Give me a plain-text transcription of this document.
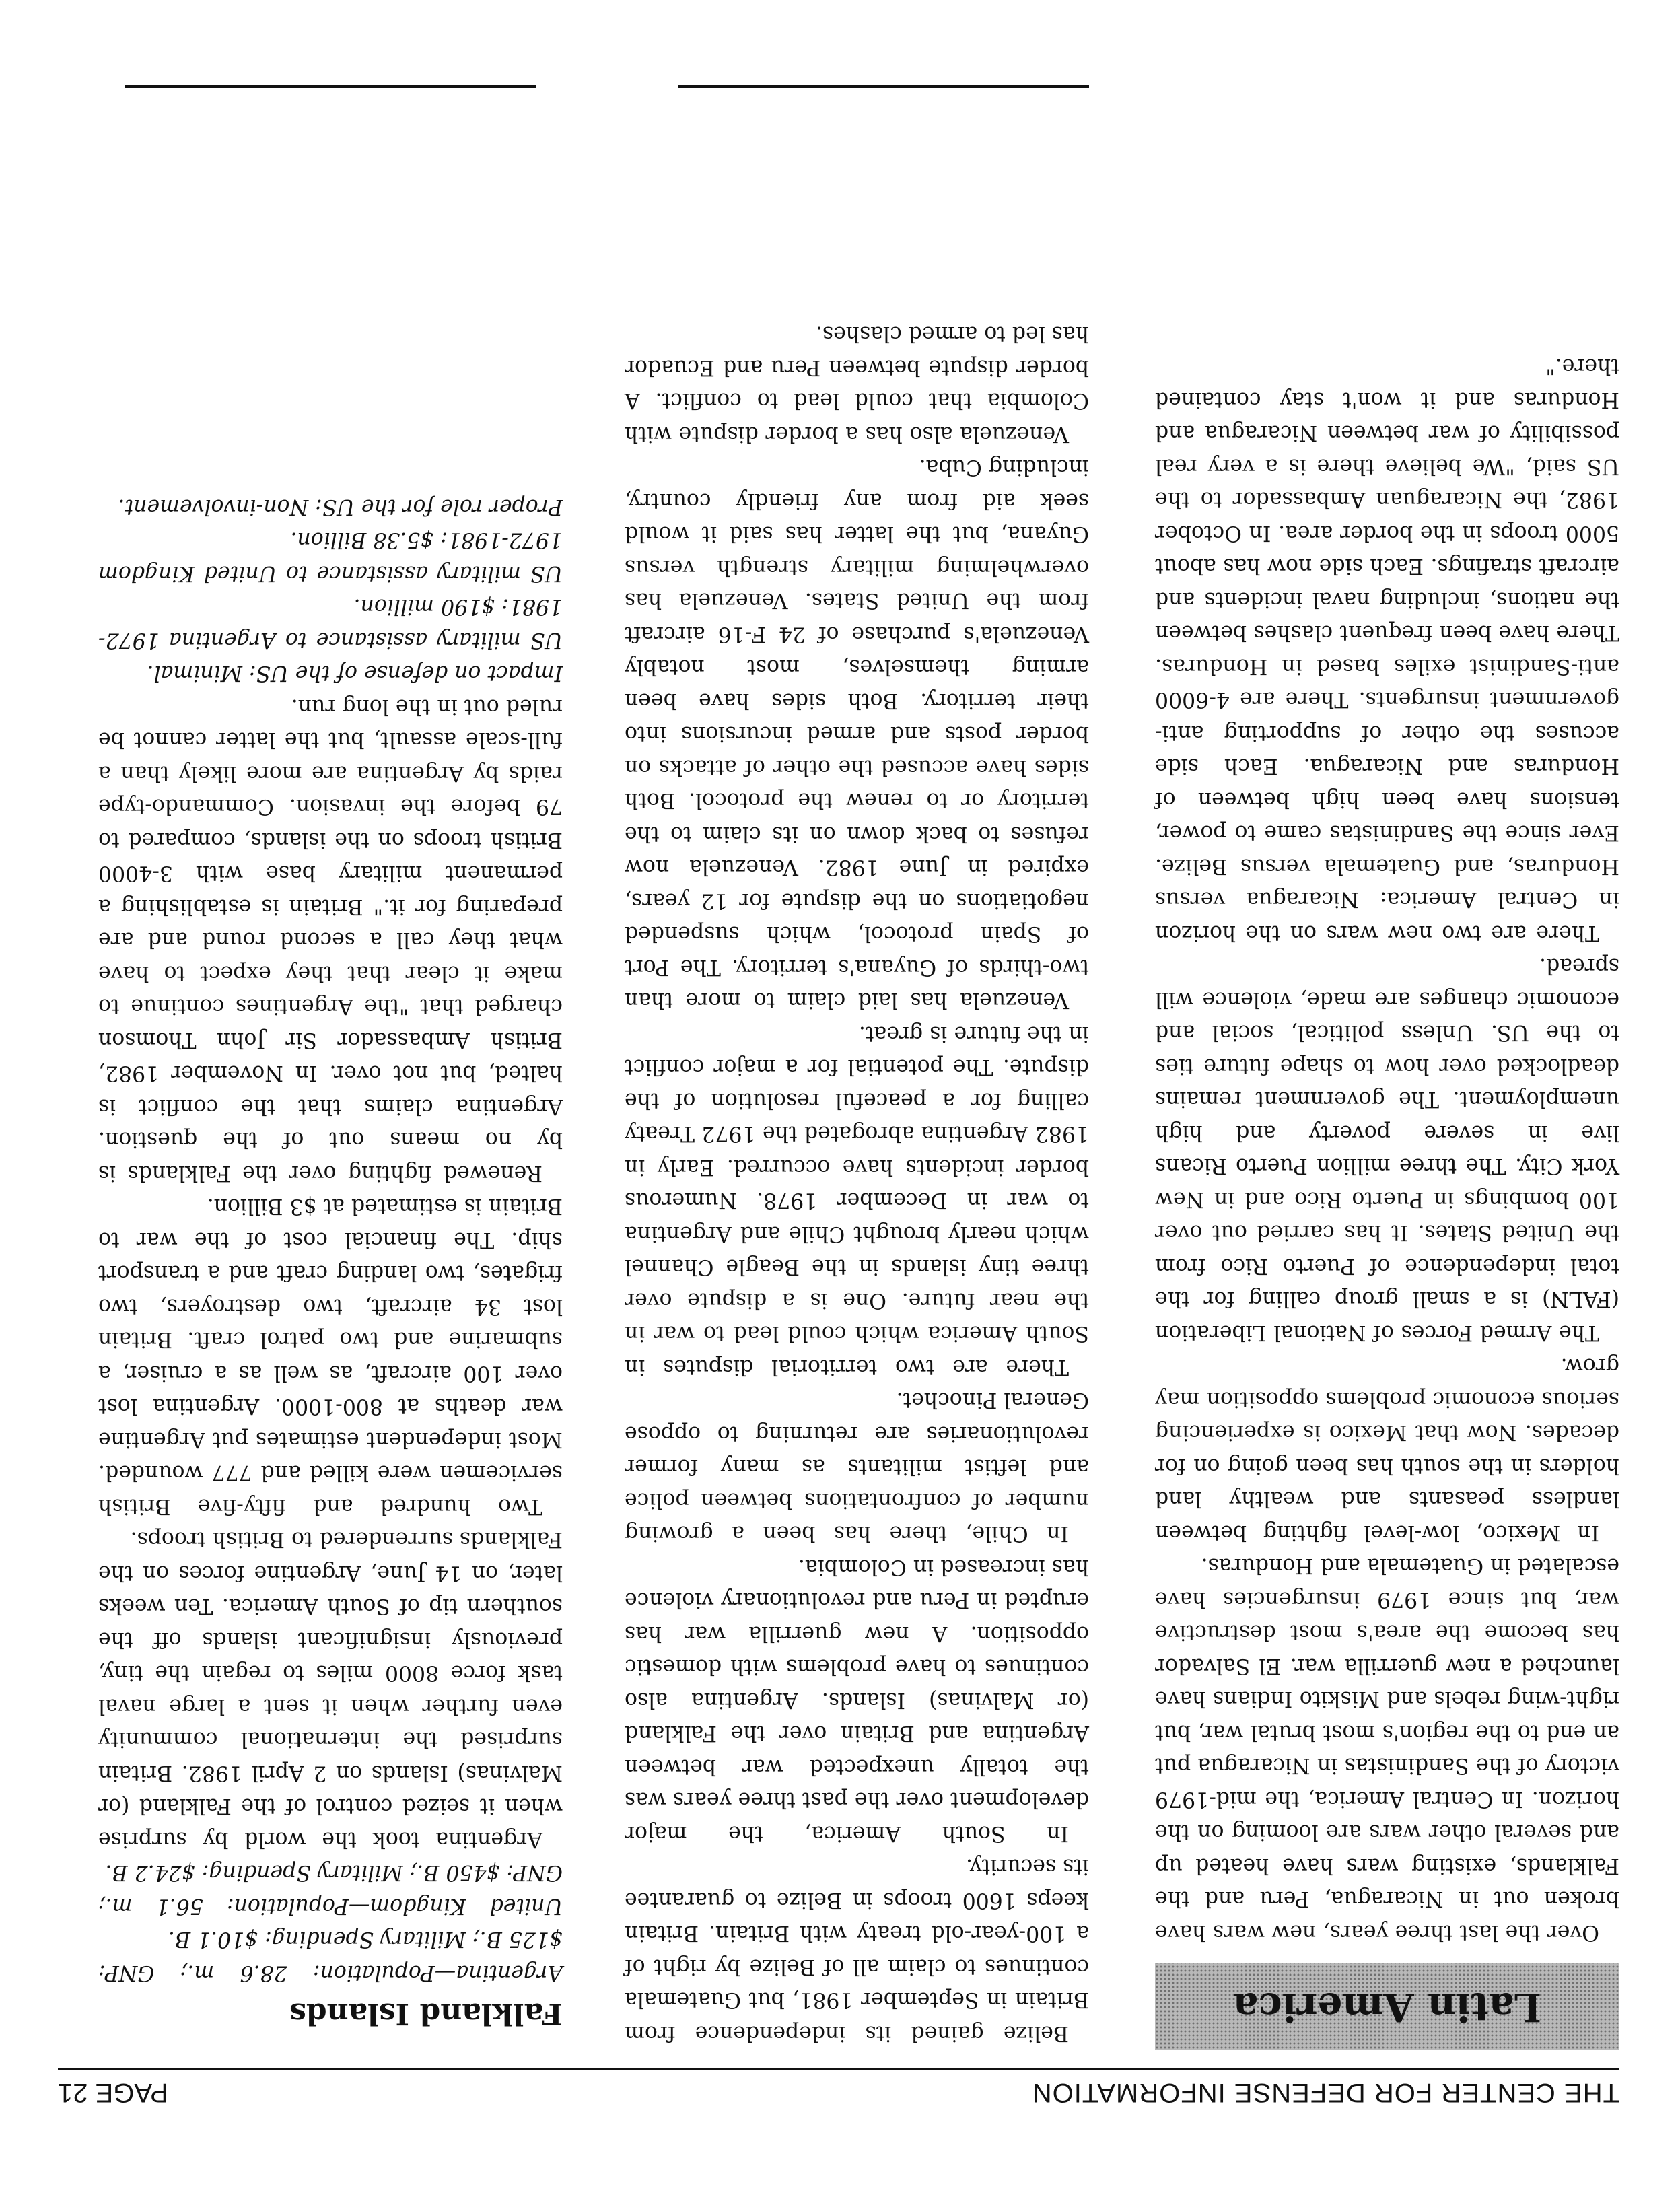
THE CENTER FOR DEFENSE INFORMATION
PAGE 21
Latin America

Over the last three years, new wars have broken out in Nicaragua, Peru and the Falklands, existing wars have heated up and several other wars are looming on the horizon. In Central America, the mid-1979 victory of the Sandinistas in Nicaragua put an end to the region's most brutal war, but right-wing rebels and Miskito Indians have launched a new guerrilla war. El Salvador has become the area's most destructive war, but since 1979 insurgencies have escalated in Guatemala and Honduras.

In Mexico, low-level fighting between landless peasants and wealthy land holders in the south has been going on for decades. Now that Mexico is experiencing serious economic problems opposition may grow.

The Armed Forces of National Liberation (FALN) is a small group calling for the total independence of Puerto Rico from the United States. It has carried out over 100 bombings in Puerto Rico and in New York City. The three million Puerto Ricans live in severe poverty and high unemployment. The government remains deadlocked over how to shape future ties to the US. Unless political, social and economic changes are made, violence will spread.

There are two new wars on the horizon in Central America: Nicaragua versus Honduras, and Guatemala versus Belize. Ever since the Sandinistas came to power, tensions have been high between of Honduras and Nicaragua. Each side accuses the other of supporting anti-government insurgents. There are 4-6000 anti-Sandinist exiles based in Honduras. There have been frequent clashes between the nations, including naval incidents and aircraft strafings. Each side now has about 5000 troops in the border area. In October 1982, the Nicaraguan Ambassador to the US said, "We believe there is a very real possibility of war between Nicaragua and Honduras and it won't stay contained there."

Belize gained its independence from Britain in September 1981, but Guatemala continues to claim all of Belize by right of a 100-year-old treaty with Britain. Britain keeps 1600 troops in Belize to guarantee its security.

In South America, the major development over the past three years was the totally unexpected war between Argentina and Britain over the Falkland (or Malvinas) Islands. Argentina also continues to have problems with domestic opposition. A new guerrilla war has erupted in Peru and revolutionary violence has increased in Colombia.

In Chile, there has been a growing number of confrontations between police and leftist militants as many former revolutionaries are returning to oppose General Pinochet.

There are two territorial disputes in South America which could lead to war in the near future. One is a dispute over three tiny islands in the Beagle Channel which nearly brought Chile and Argentina to war in December 1978. Numerous border incidents have occurred. Early in 1982 Argentina abrogated the 1972 Treaty calling for a peaceful resolution of the dispute. The potential for a major conflict in the future is great.

Venezuela has laid claim to more than two-thirds of Guyana's territory. The Port of Spain protocol, which suspended negotiations on the dispute for 12 years, expired in June 1982. Venezuela now refuses to back down on its claim to the territory or to renew the protocol. Both sides have accused the other of attacks on border posts and armed incursions into their territory. Both sides have been arming themselves, most notably Venezuela's purchase of 24 F-16 aircraft from the United States. Venezuela has overwhelming military strength versus Guyana, but the latter has said it would seek aid from any friendly country, including Cuba.

Venezuela also has a border dispute with Colombia that could lead to conflict. A border dispute between Peru and Ecuador has led to armed clashes.

Falkland Islands

Argentina—Population: 28.6 m.; GNP: $125 B.; Military Spending: $10.1 B.

United Kingdom—Population: 56.1 m.; GNP: $450 B.; Military Spending: $24.2 B.

Argentina took the world by surprise when it seized control of the Falkland (or Malvinas) Islands on 2 April 1982. Britain surprised the international community even further when it sent a large naval task force 8000 miles to regain the tiny, previously insignificant islands off the southern tip of South America. Ten weeks later, on 14 June, Argentine forces on the Falklands surrendered to British troops.

Two hundred and fifty-five British servicemen were killed and 777 wounded. Most independent estimates put Argentine war deaths at 800-1000. Argentina lost over 100 aircraft, as well as a cruiser, a submarine and two patrol craft. Britain lost 34 aircraft, two destroyers, two frigates, two landing craft and a transport ship. The financial cost of the war to Britain is estimated at $3 Billion.

Renewed fighting over the Falklands is by no means out of the question. Argentina claims that the conflict is halted, but not over. In November 1982, British Ambassador Sir John Thomson charged that "the Argentines continue to make it clear that they expect to have what they call a second round and are preparing for it." Britain is establishing a permanent military base with 3-4000 British troops on the islands, compared to 79 before the invasion. Commando-type raids by Argentina are more likely than a full-scale assault, but the latter cannot be ruled out in the long run.

Impact on defense of the US: Minimal.

US military assistance to Argentina 1972-1981: $190 million.

US military assistance to United Kingdom 1972-1981: $5.38 Billion.

Proper role for the US: Non-involvement.
